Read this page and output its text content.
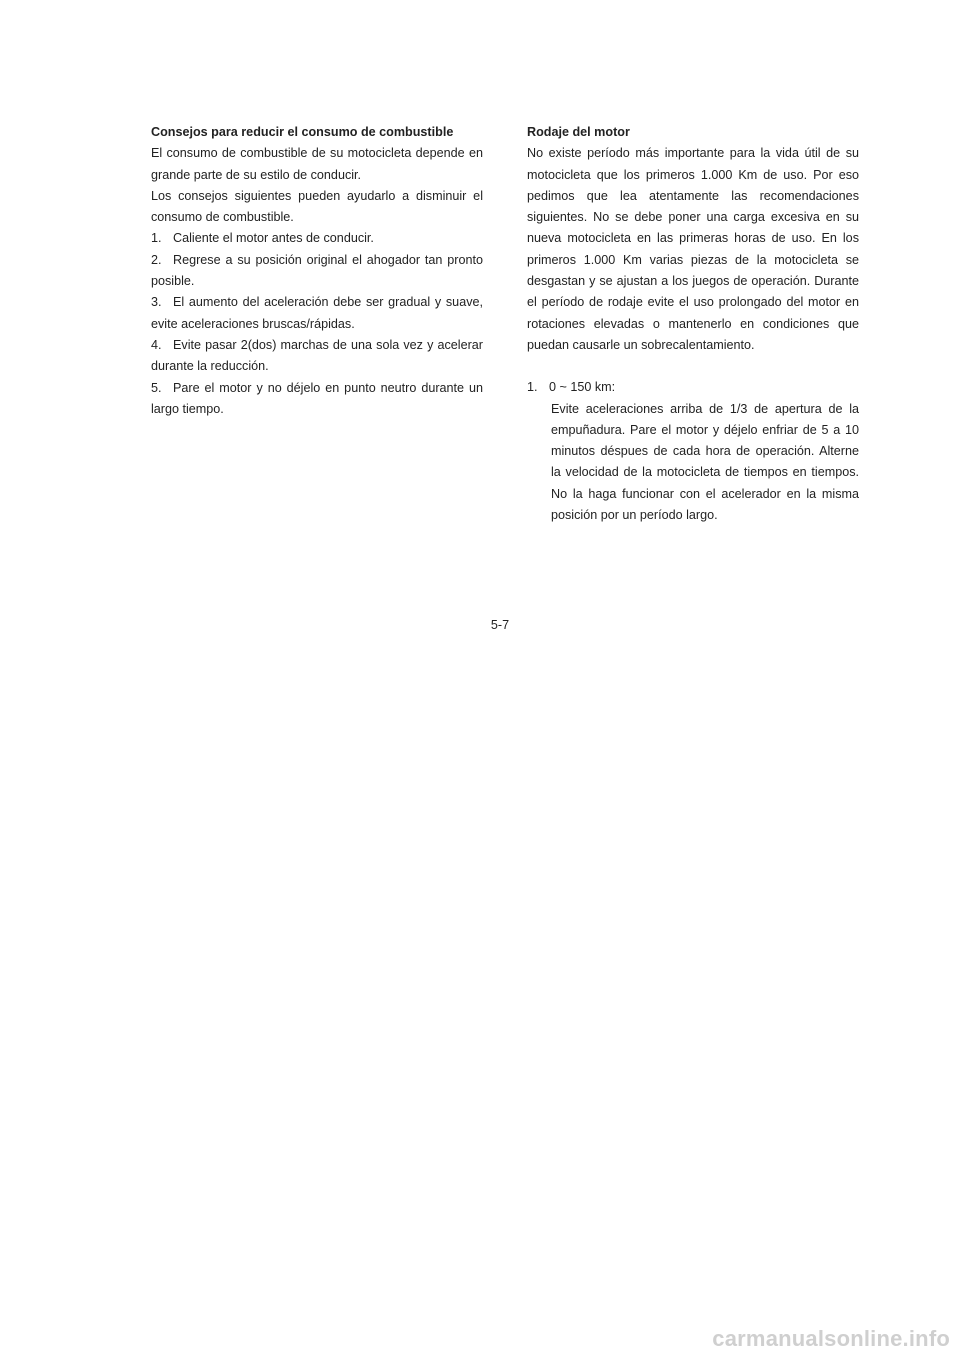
Consejos para reducir el consumo de combustible

El consumo de combustible de su motocicleta depende en grande parte de su estilo de conducir.

Los consejos siguientes pueden ayudarlo a disminuir el consumo de combustible.

1. Caliente el motor antes de conducir.

2. Regrese a su posición original el ahogador tan pronto posible.

3. El aumento del aceleración debe ser gradual y suave, evite aceleraciones bruscas/rápidas.

4. Evite pasar 2(dos) marchas de una sola vez y acelerar durante la reducción.

5. Pare el motor y no déjelo en punto neutro durante un largo tiempo.

Rodaje del motor

No existe período más importante para la vida útil de su motocicleta que los primeros 1.000 Km de uso. Por eso pedimos que lea atentamente las recomendaciones siguientes. No se debe poner una carga excesiva en su nueva motocicleta en las primeras horas de uso. En los primeros 1.000 Km varias piezas de la motocicleta se desgastan y se ajustan a los juegos de operación. Durante el período de rodaje evite el uso prolongado del motor en rotaciones elevadas o mantenerlo en condiciones que puedan causarle un sobrecalentamiento.

1. 0 ~ 150 km:

Evite aceleraciones arriba de 1/3 de apertura de la empuñadura. Pare el motor y déjelo enfriar de 5 a 10 minutos déspues de cada hora de operación. Alterne la velocidad de la motocicleta de tiempos en tiempos. No la haga funcionar con el acelerador en la misma posición por un período largo.

5-7
carmanualsonline.info
